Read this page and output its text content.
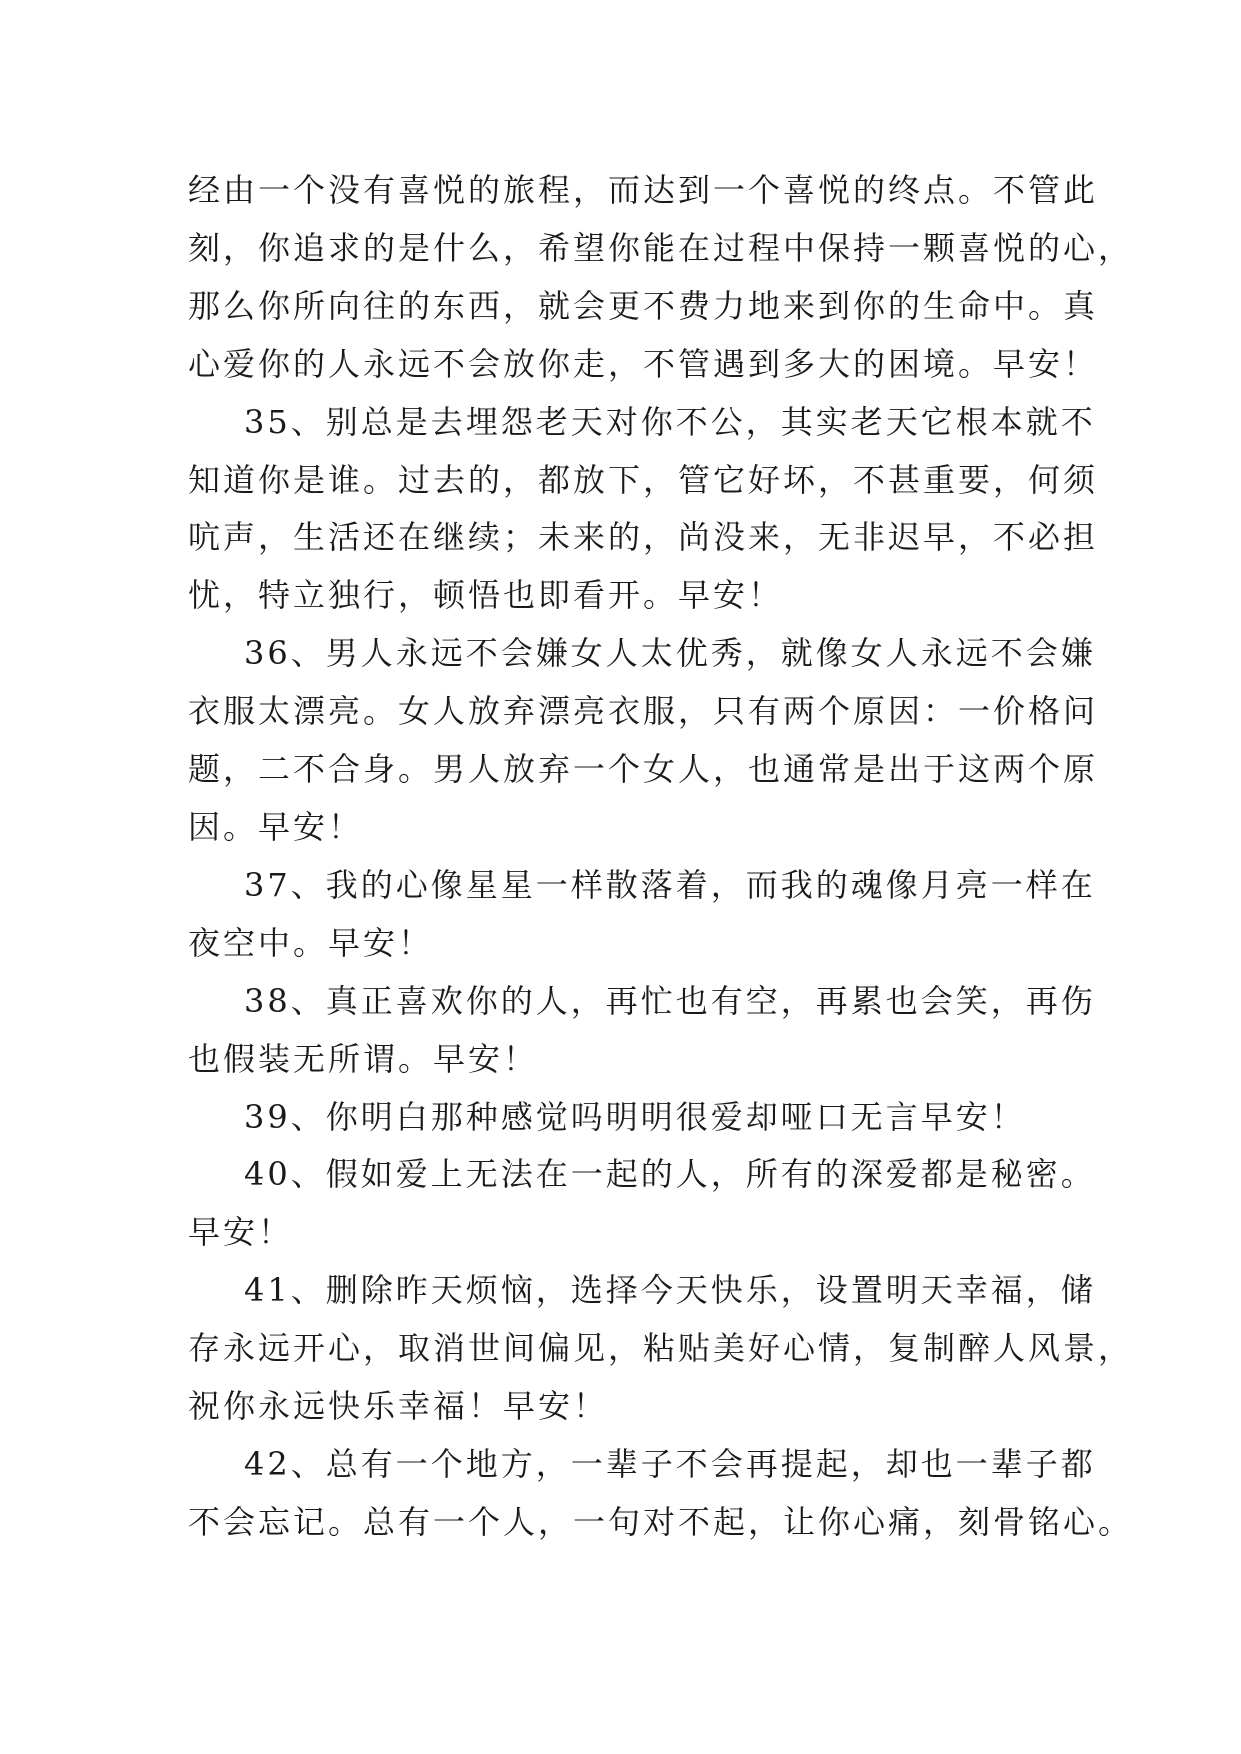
经由一个没有喜悦的旅程，而达到一个喜悦的终点。不管此
刻，你追求的是什么，希望你能在过程中保持一颗喜悦的心，
那么你所向往的东西，就会更不费力地来到你的生命中。真
心爱你的人永远不会放你走，不管遇到多大的困境。早安！
35、别总是去埋怨老天对你不公，其实老天它根本就不
知道你是谁。过去的，都放下，管它好坏，不甚重要，何须
吭声，生活还在继续；未来的，尚没来，无非迟早，不必担
忧，特立独行，顿悟也即看开。早安！
36、男人永远不会嫌女人太优秀，就像女人永远不会嫌
衣服太漂亮。女人放弃漂亮衣服，只有两个原因：一价格问
题，二不合身。男人放弃一个女人，也通常是出于这两个原
因。早安！
37、我的心像星星一样散落着，而我的魂像月亮一样在
夜空中。早安！
38、真正喜欢你的人，再忙也有空，再累也会笑，再伤
也假装无所谓。早安！
39、你明白那种感觉吗明明很爱却哑口无言早安！
40、假如爱上无法在一起的人，所有的深爱都是秘密。
早安！
41、删除昨天烦恼，选择今天快乐，设置明天幸福，储
存永远开心，取消世间偏见，粘贴美好心情，复制醉人风景，
祝你永远快乐幸福！早安！
42、总有一个地方，一辈子不会再提起，却也一辈子都
不会忘记。总有一个人，一句对不起，让你心痛，刻骨铭心。
